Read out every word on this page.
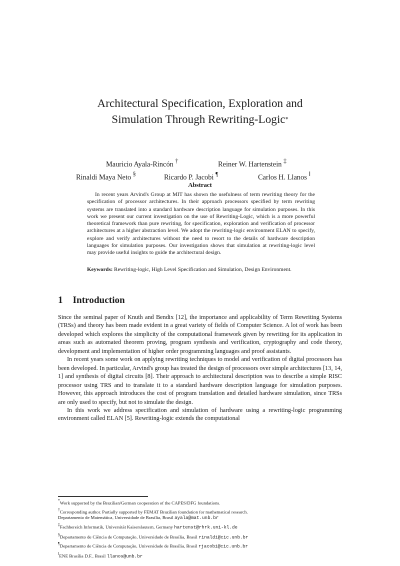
Architectural Specification, Exploration and
Simulation Through Rewriting-Logic*
Mauricio Ayala-Rincón †	Reiner W. Hartenstein ‡
Rinaldi Maya Neto §	Ricardo P. Jacobi ¶	Carlos H. Llanos ‖
Abstract
In recent years Arvind's Group at MIT has shown the usefulness of term rewriting theory for the specification of processor architectures. In their approach processors specified by term rewriting systems are translated into a standard hardware description language for simulation purposes. In this work we present our current investigation on the use of Rewriting-Logic, which is a more powerful theoretical framework than pure rewriting, for specification, exploration and verification of processor architectures at a higher abstraction level. We adopt the rewriting-logic environment ELAN to specify, explore and verify architectures without the need to resort to the details of hardware description languages for simulation purposes. Our investigation shows that simulation at rewriting-logic level may provide useful insights to guide the architectural design.
Keywords: Rewriting-logic, High Level Specification and Simulation, Design Environment.
1 Introduction

Since the seminal paper of Knuth and Bendix [12], the importance and applicability of Term Rewriting Systems (TRSs) and theory has been made evident in a great variety of fields of Computer Science. A lot of work has been developed which explores the simplicity of the computational framework given by rewriting for its application in areas such as automated theorem proving, program synthesis and verification, cryptography and code theory, development and implementation of higher order programming languages and proof assistants.

In recent years some work on applying rewriting techniques to model and verification of digital processors has been developed. In particular, Arvind's group has treated the design of processors over simple architectures [13, 14, 1] and synthesis of digital circuits [8]. Their approach to architectural description was to describe a simple RISC processor using TRS and to translate it to a standard hardware description language for simulation purposes. However, this approach introduces the cost of program translation and detailed hardware simulation, since TRSs are only used to specify, but not to simulate the design.

In this work we address specification and simulation of hardware using a rewriting-logic programming environment called ELAN [5]. Rewriting-logic extends the computational

*Work supported by the Brazilian/German cooperation of the CAPES/DFG foundations.
†Corresponding author. Partially supported by FEMAT Brazilian foundation for mathematical research.
Departamento de Matemática, Universidade de Brasília, Brasil ayala@mat.unb.br
‡Fachbereich Informatik, Universität Kaiserslautern, Germany hartenst@rhrk.uni-kl.de
§Departamento de Ciência de Computação, Universidade de Brasília, Brasil rinaldi@cic.unb.br
¶Departamento de Ciência de Computação, Universidade de Brasília, Brasil rjacobi@cic.unb.br
‖ENE Brasília D.F., Brasil llanos@unb.br
